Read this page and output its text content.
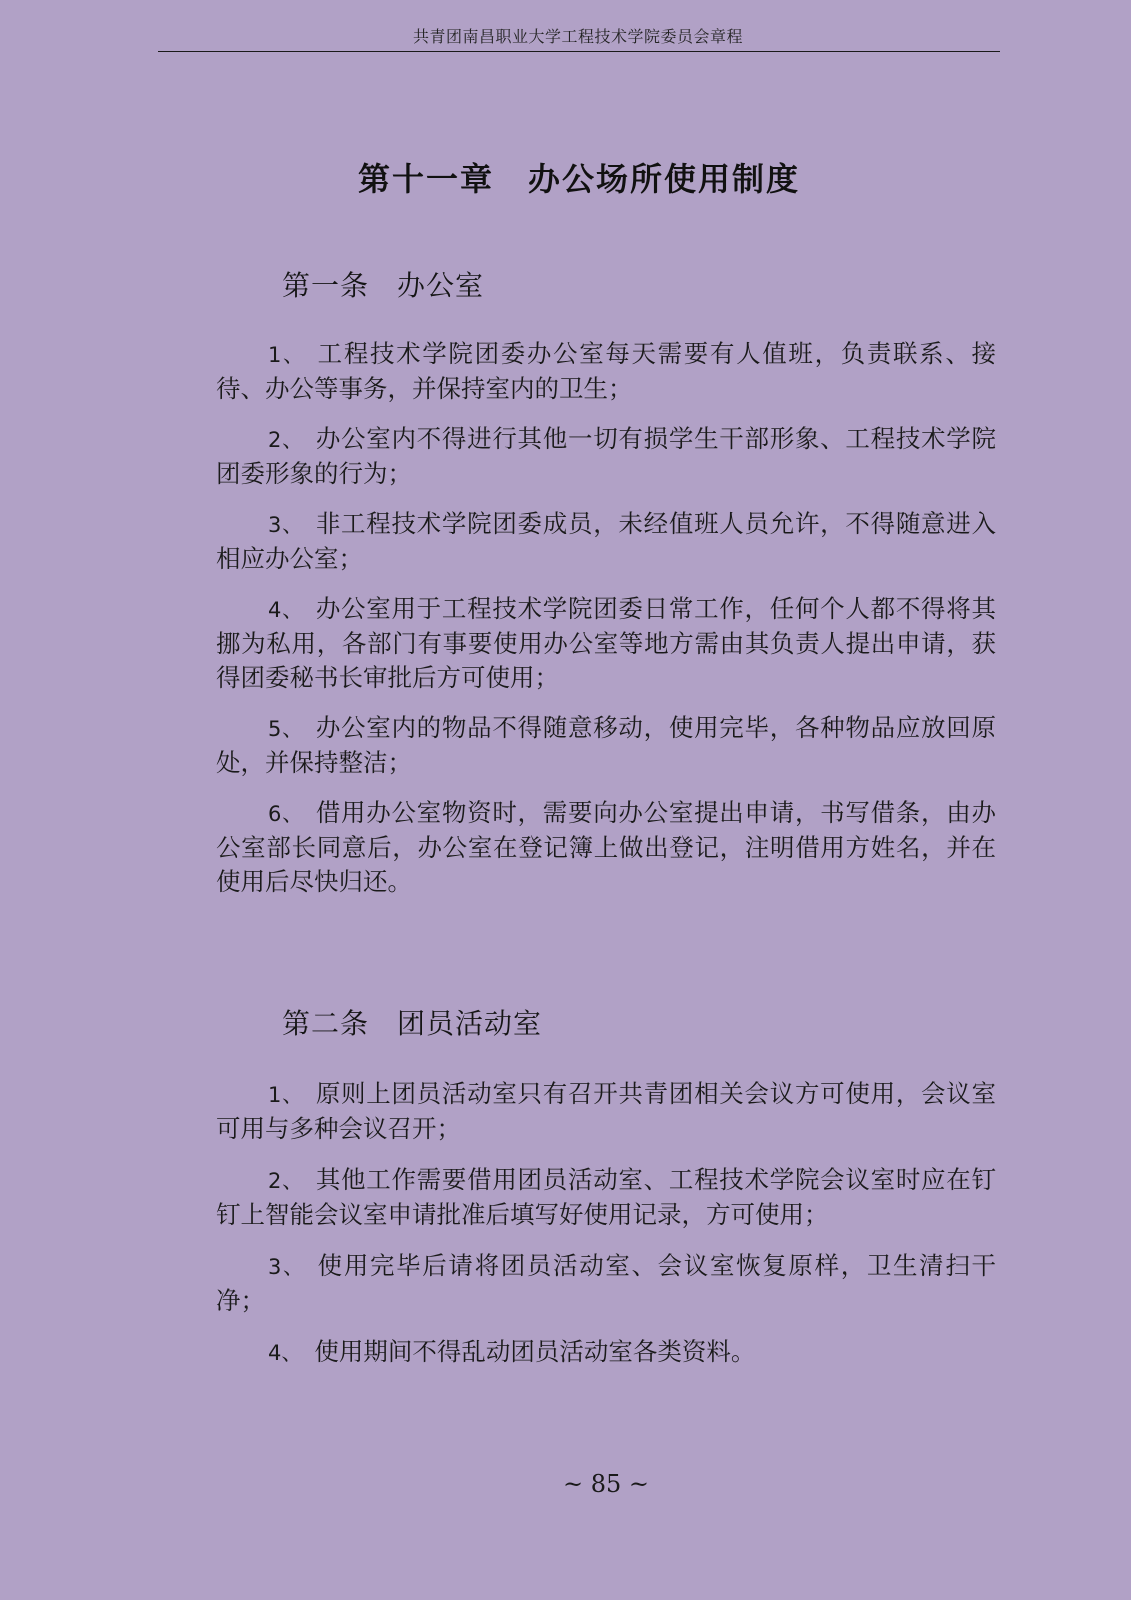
共青团南昌职业大学工程技术学院委员会章程
第十一章　办公场所使用制度
第一条 办公室
1、 工程技术学院团委办公室每天需要有人值班，负责联系、接待、办公等事务，并保持室内的卫生；
2、 办公室内不得进行其他一切有损学生干部形象、工程技术学院团委形象的行为；
3、 非工程技术学院团委成员，未经值班人员允许，不得随意进入相应办公室；
4、 办公室用于工程技术学院团委日常工作，任何个人都不得将其挪为私用，各部门有事要使用办公室等地方需由其负责人提出申请，获得团委秘书长审批后方可使用；
5、 办公室内的物品不得随意移动，使用完毕，各种物品应放回原处，并保持整洁；
6、 借用办公室物资时，需要向办公室提出申请，书写借条，由办公室部长同意后，办公室在登记簿上做出登记，注明借用方姓名，并在使用后尽快归还。
第二条 团员活动室
1、 原则上团员活动室只有召开共青团相关会议方可使用，会议室可用与多种会议召开；
2、 其他工作需要借用团员活动室、工程技术学院会议室时应在钉钉上智能会议室申请批准后填写好使用记录，方可使用；
3、 使用完毕后请将团员活动室、会议室恢复原样，卫生清扫干净；
4、 使用期间不得乱动团员活动室各类资料。
~ 85 ~
